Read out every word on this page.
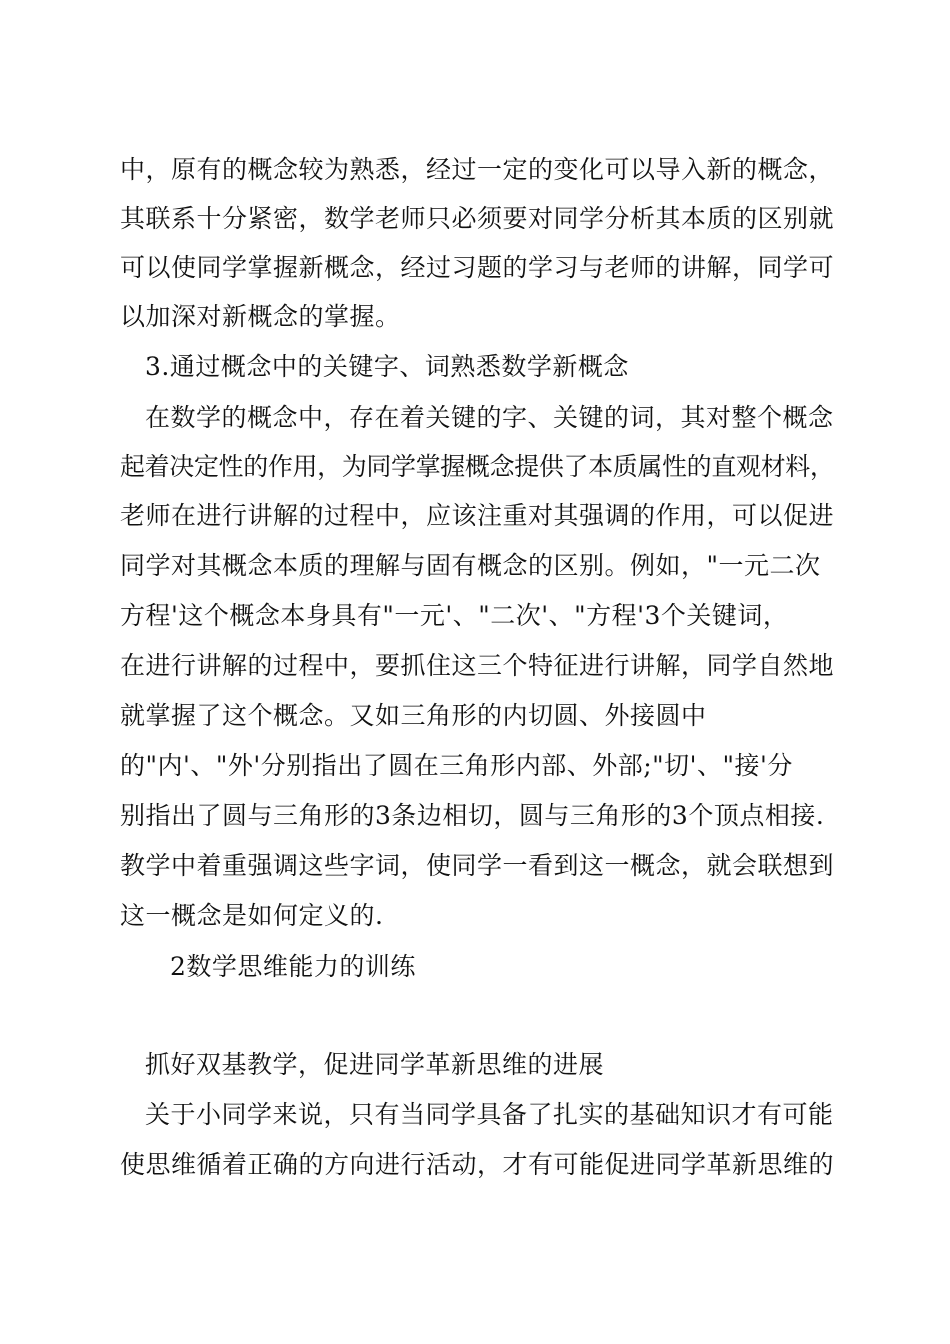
中，原有的概念较为熟悉，经过一定的变化可以导入新的概念，
其联系十分紧密，数学老师只必须要对同学分析其本质的区别就
可以使同学掌握新概念，经过习题的学习与老师的讲解，同学可
以加深对新概念的掌握。
3.通过概念中的关键字、词熟悉数学新概念
在数学的概念中，存在着关键的字、关键的词，其对整个概念
起着决定性的作用，为同学掌握概念提供了本质属性的直观材料，
老师在进行讲解的过程中，应该注重对其强调的作用，可以促进
同学对其概念本质的理解与固有概念的区别。例如，"一元二次
方程'这个概念本身具有"一元'、"二次'、"方程'3个关键词，
在进行讲解的过程中，要抓住这三个特征进行讲解，同学自然地
就掌握了这个概念。又如三角形的内切圆、外接圆中
的"内'、"外'分别指出了圆在三角形内部、外部;"切'、"接'分
别指出了圆与三角形的3条边相切，圆与三角形的3个顶点相接.
教学中着重强调这些字词，使同学一看到这一概念，就会联想到
这一概念是如何定义的.
2数学思维能力的训练
抓好双基教学，促进同学革新思维的进展
关于小同学来说，只有当同学具备了扎实的基础知识才有可能
使思维循着正确的方向进行活动，才有可能促进同学革新思维的
